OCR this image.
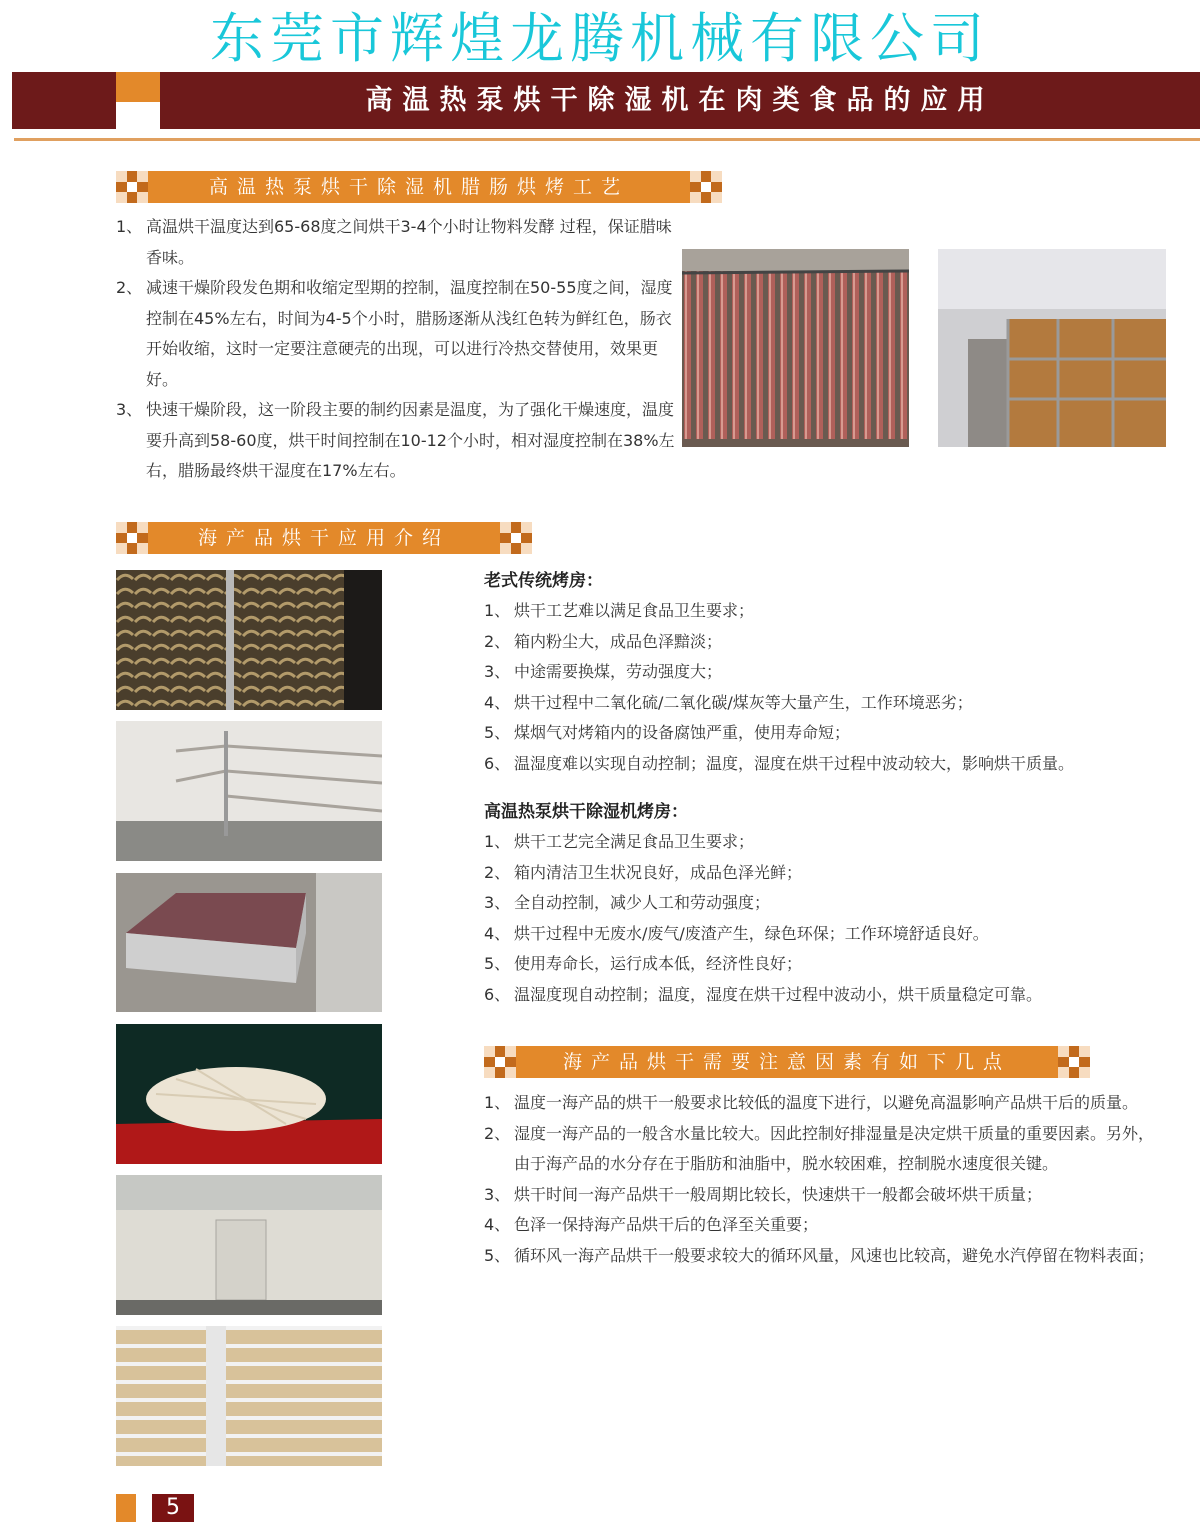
东莞市辉煌龙腾机械有限公司
高温热泵烘干除湿机在肉类食品的应用
高温热泵烘干除湿机腊肠烘烤工艺
1、 高温烘干温度达到65-68度之间烘干3-4个小时让物料发酵 过程，保证腊味香味。
2、 减速干燥阶段发色期和收缩定型期的控制，温度控制在50-55度之间，湿度控制在45%左右，时间为4-5个小时，腊肠逐渐从浅红色转为鲜红色，肠衣开始收缩，这时一定要注意硬壳的出现，可以进行冷热交替使用，效果更好。
3、 快速干燥阶段，这一阶段主要的制约因素是温度，为了强化干燥速度，温度要升高到58-60度，烘干时间控制在10-12个小时，相对湿度控制在38%左右，腊肠最终烘干湿度在17%左右。
海产品烘干应用介绍
老式传统烤房：
1、 烘干工艺难以满足食品卫生要求；
2、 箱内粉尘大，成品色泽黯淡；
3、 中途需要换煤，劳动强度大；
4、 烘干过程中二氧化硫/二氧化碳/煤灰等大量产生，工作环境恶劣；
5、 煤烟气对烤箱内的设备腐蚀严重，使用寿命短；
6、 温湿度难以实现自动控制；温度，湿度在烘干过程中波动较大，影响烘干质量。
高温热泵烘干除湿机烤房：
1、 烘干工艺完全满足食品卫生要求；
2、 箱内清洁卫生状况良好，成品色泽光鲜；
3、 全自动控制，减少人工和劳动强度；
4、 烘干过程中无废水/废气/废渣产生，绿色环保；工作环境舒适良好。
5、 使用寿命长，运行成本低，经济性良好；
6、 温湿度现自动控制；温度，湿度在烘干过程中波动小，烘干质量稳定可靠。
海产品烘干需要注意因素有如下几点
1、 温度一海产品的烘干一般要求比较低的温度下进行，以避免高温影响产品烘干后的质量。
2、 湿度一海产品的一般含水量比较大。因此控制好排湿量是决定烘干质量的重要因素。另外，由于海产品的水分存在于脂肪和油脂中，脱水较困难，控制脱水速度很关键。
3、 烘干时间一海产品烘干一般周期比较长，快速烘干一般都会破坏烘干质量；
4、 色泽一保持海产品烘干后的色泽至关重要；
5、 循环风一海产品烘干一般要求较大的循环风量，风速也比较高，避免水汽停留在物料表面；
5
